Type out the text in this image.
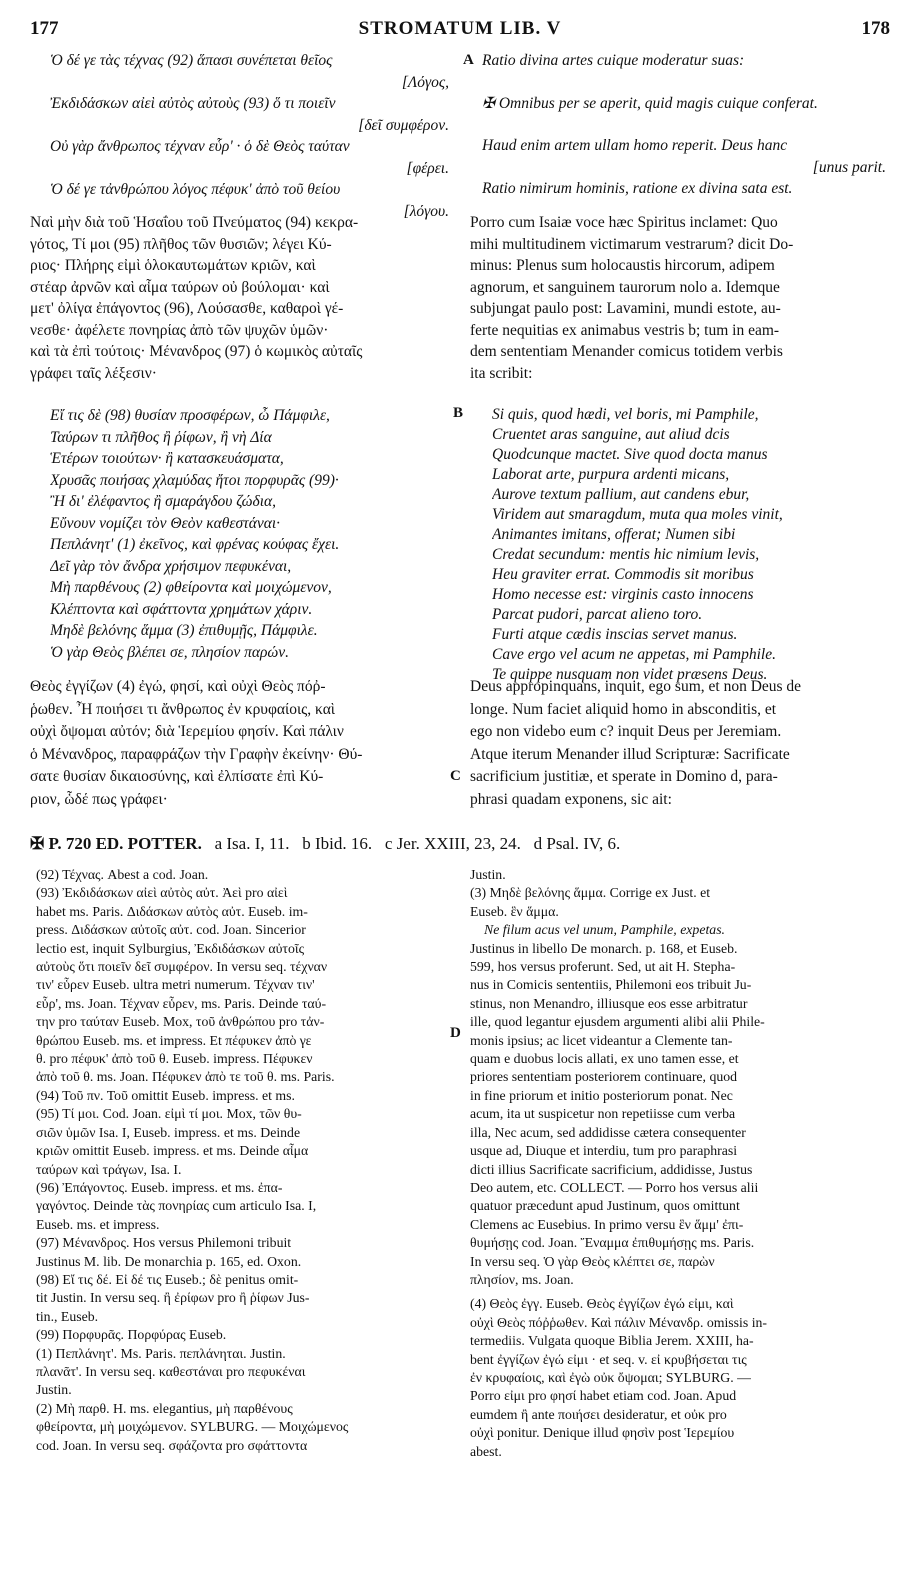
177	STROMATUM LIB. V	178
A
B
C
D
Ὁ δέ γε τὰς τέχνας (92) ἅπασι συνέπεται θεῖος
[Λόγος,
Ἐκδιδάσκων αἰεὶ αὐτὸς αὐτοὺς (93) ὅ τι ποιεῖν
[δεῖ συμφέρον.
Οὐ γὰρ ἄνθρωπος τέχναν εὗρ' · ὁ δὲ Θεὸς ταύταν
[φέρει.
Ὁ δέ γε τἀνθρώπου λόγος πέφυκ' ἀπὸ τοῦ θείου
[λόγου.
Ratio divina artes cuique moderatur suas:
✠ Omnibus per se aperit, quid magis cuique conferat.
Haud enim artem ullam homo reperit. Deus hanc
[unus parit.
Ratio nimirum hominis, ratione ex divina sata est.
Ναὶ μὴν διὰ τοῦ Ἡσαΐου τοῦ Πνεύματος (94) κεκρα-
γότος, Τί μοι (95) πλῆθος τῶν θυσιῶν; λέγει Κύ-
ριος· Πλήρης εἰμὶ ὁλοκαυτωμάτων κριῶν, καὶ
στέαρ ἀρνῶν καὶ αἷμα ταύρων οὐ βούλομαι· καὶ
μετ' ὀλίγα ἐπάγοντος (96), Λούσασθε, καθαροὶ γέ-
νεσθε· ἀφέλετε πονηρίας ἀπὸ τῶν ψυχῶν ὑμῶν·
καὶ τὰ ἐπὶ τούτοις· Μένανδρος (97) ὁ κωμικὸς αὐταῖς
γράφει ταῖς λέξεσιν·
Porro cum Isaiæ voce hæc Spiritus inclamet: Quo
mihi multitudinem victimarum vestrarum? dicit Do-
minus: Plenus sum holocaustis hircorum, adipem
agnorum, et sanguinem taurorum nolo a. Idemque
subjungat paulo post: Lavamini, mundi estote, au-
ferte nequitias ex animabus vestris b; tum in eam-
dem sententiam Menander comicus totidem verbis
ita scribit:
Εἴ τις δὲ (98) θυσίαν προσφέρων, ὦ Πάμφιλε,
Ταύρων τι πλῆθος ἢ ῥίφων, ἢ νὴ Δία
Ἑτέρων τοιούτων· ἢ κατασκευάσματα,
Χρυσᾶς ποιήσας χλαμύδας ἤτοι πορφυρᾶς (99)·
Ἢ δι' ἐλέφαντος ἢ σμαράγδου ζώδια,
Εὔνουν νομίζει τὸν Θεὸν καθεστάναι·
Πεπλάνητ' (1) ἐκεῖνος, καὶ φρένας κούφας ἔχει.
Δεῖ γὰρ τὸν ἄνδρα χρήσιμον πεφυκέναι,
Μὴ παρθένους (2) φθείροντα καὶ μοιχώμενον,
Κλέπτοντα καὶ σφάττοντα χρημάτων χάριν.
Μηδὲ βελόνης ἅμμα (3) ἐπιθυμῇς, Πάμφιλε.
Ὁ γὰρ Θεὸς βλέπει σε, πλησίον παρών.
Si quis, quod hædi, vel boris, mi Pamphile,
Cruentet aras sanguine, aut aliud dcis
Quodcunque mactet. Sive quod docta manus
Laborat arte, purpura ardenti micans,
Aurove textum pallium, aut candens ebur,
Viridem aut smaragdum, muta qua moles vinit,
Animantes imitans, offerat; Numen sibi
Credat secundum: mentis hic nimium levis,
Heu graviter errat. Commodis sit moribus
Homo necesse est: virginis casto innocens
Parcat pudori, parcat alieno toro.
Furti atque cædis inscias servet manus.
Cave ergo vel acum ne appetas, mi Pamphile.
Te quippe nusquam non videt præsens Deus.
Θεὸς ἐγγίζων (4) ἐγώ, φησί, καὶ οὐχὶ Θεὸς πόῤ-
ῥωθεν. Ἦ ποιήσει τι ἄνθρωπος ἐν κρυφαίοις, καὶ
οὐχὶ ὄψομαι αὐτόν; διὰ Ἱερεμίου φησίν. Καὶ πάλιν
ὁ Μένανδρος, παραφράζων τὴν Γραφὴν ἐκείνην· Θύ-
σατε θυσίαν δικαιοσύνης, καὶ ἐλπίσατε ἐπὶ Κύ-
ριον, ὧδέ πως γράφει·
Deus appropinquans, inquit, ego sum, et non Deus de
longe. Num faciet aliquid homo in absconditis, et
ego non videbo eum c? inquit Deus per Jeremiam.
Atque iterum Menander illud Scripturæ: Sacrificate
sacrificium justitiæ, et sperate in Domino d, para-
phrasi quadam exponens, sic ait:
✠ P. 720 ED. POTTER. a Isa. I, 11. b Ibid. 16. c Jer. XXIII, 23, 24. d Psal. IV, 6.
(92) Τέχνας. Abest a cod. Joan.
(93) Ἐκδιδάσκων αἰεὶ αὐτὸς αὐτ. Ἀεὶ pro αἰεὶ
habet ms. Paris. Διδάσκων αὐτὸς αὐτ. Euseb. im-
press. Διδάσκων αὐτοῖς αὐτ. cod. Joan. Sincerior
lectio est, inquit Sylburgius, Ἐκδιδάσκων αὐτοῖς
αὐτοὺς ὅτι ποιεῖν δεῖ συμφέρον. In versu seq. τέχναν
τιν' εὗρεν Euseb. ultra metri numerum. Τέχναν τιν'
εὗρ', ms. Joan. Τέχναν εὗρεν, ms. Paris. Deinde ταύ-
την pro ταύταν Euseb. Mox, τοῦ ἀνθρώπου pro τἀν-
θρώπου Euseb. ms. et impress. Et πέφυκεν ἀπὸ γε
θ. pro πέφυκ' ἀπὸ τοῦ θ. Euseb. impress. Πέφυκεν
ἀπὸ τοῦ θ. ms. Joan. Πέφυκεν ἀπὸ τε τοῦ θ. ms. Paris.
(94) Τοῦ πν. Τοῦ omittit Euseb. impress. et ms.
(95) Τί μοι. Cod. Joan. εἰμὶ τί μοι. Mox, τῶν θυ-
σιῶν ὑμῶν Isa. I, Euseb. impress. et ms. Deinde
κριῶν omittit Euseb. impress. et ms. Deinde αἷμα
ταύρων καὶ τράγων, Isa. I.
(96) Ἐπάγοντος. Euseb. impress. et ms. ἐπα-
γαγόντος. Deinde τὰς πονηρίας cum articulo Isa. I,
Euseb. ms. et impress.
(97) Μένανδρος. Hos versus Philemoni tribuit
Justinus M. lib. De monarchia p. 165, ed. Oxon.
(98) Εἴ τις δέ. Εἰ δέ τις Euseb.; δὲ penitus omit-
tit Justin. In versu seq. ἢ ἐρίφων pro ἢ ῥίφων Jus-
tin., Euseb.
(99) Πορφυρᾶς. Πορφύρας Euseb.
(1) Πεπλάνητ'. Ms. Paris. πεπλάνηται. Justin.
πλανᾶτ'. In versu seq. καθεστάναι pro πεφυκέναι
Justin.
(2) Μὴ παρθ. H. ms. elegantius, μὴ παρθένους
φθείροντα, μὴ μοιχώμενον. SYLBURG. — Μοιχώμενος
cod. Joan. In versu seq. σφάζοντα pro σφάττοντα
Justin.
(3) Μηδὲ βελόνης ἅμμα. Corrige ex Just. et
Euseb. ἓν ἅμμα.
Ne filum acus vel unum, Pamphile, expetas.
Justinus in libello De monarch. p. 168, et Euseb.
599, hos versus proferunt. Sed, ut ait H. Stepha-
nus in Comicis sententiis, Philemoni eos tribuit Ju-
stinus, non Menandro, illiusque eos esse arbitratur
ille, quod legantur ejusdem argumenti alibi alii Phile-
monis ipsius; ac licet videantur a Clemente tan-
quam e duobus locis allati, ex uno tamen esse, et
priores sententiam posteriorem continuare, quod
in fine priorum et initio posteriorum ponat. Nec
acum, ita ut suspicetur non repetiisse cum verba
illa, Nec acum, sed addidisse cætera consequenter
usque ad, Diuque et interdiu, tum pro paraphrasi
dicti illius Sacrificate sacrificium, addidisse, Justus
Deo autem, etc. COLLECT. — Porro hos versus alii
quatuor præcedunt apud Justinum, quos omittunt
Clemens ac Eusebius. In primo versu ἓν ἅμμ' ἐπι-
θυμήσῃς cod. Joan. Ἔναμμα ἐπιθυμήσῃς ms. Paris.
In versu seq. Ὁ γὰρ Θεὸς κλέπτει σε, παρὼν
πλησίον, ms. Joan.
(4) Θεὸς ἐγγ. Euseb. Θεὸς ἐγγίζων ἐγώ εἰμι, καὶ
οὐχὶ Θεὸς πόῤῥωθεν. Καὶ πάλιν Μένανδρ. omissis in-
termediis. Vulgata quoque Biblia Jerem. XXIII, ha-
bent ἐγγίζων ἐγώ εἰμι · et seq. v. εἰ κρυβήσεται τις
ἐν κρυφαίοις, καὶ ἐγὼ οὐκ ὄψομαι; SYLBURG. —
Porro εἰμι pro φησί habet etiam cod. Joan. Apud
eumdem ἢ ante ποιήσει desideratur, et οὐκ pro
οὐχὶ ponitur. Denique illud φησὶν post Ἱερεμίου
abest.
